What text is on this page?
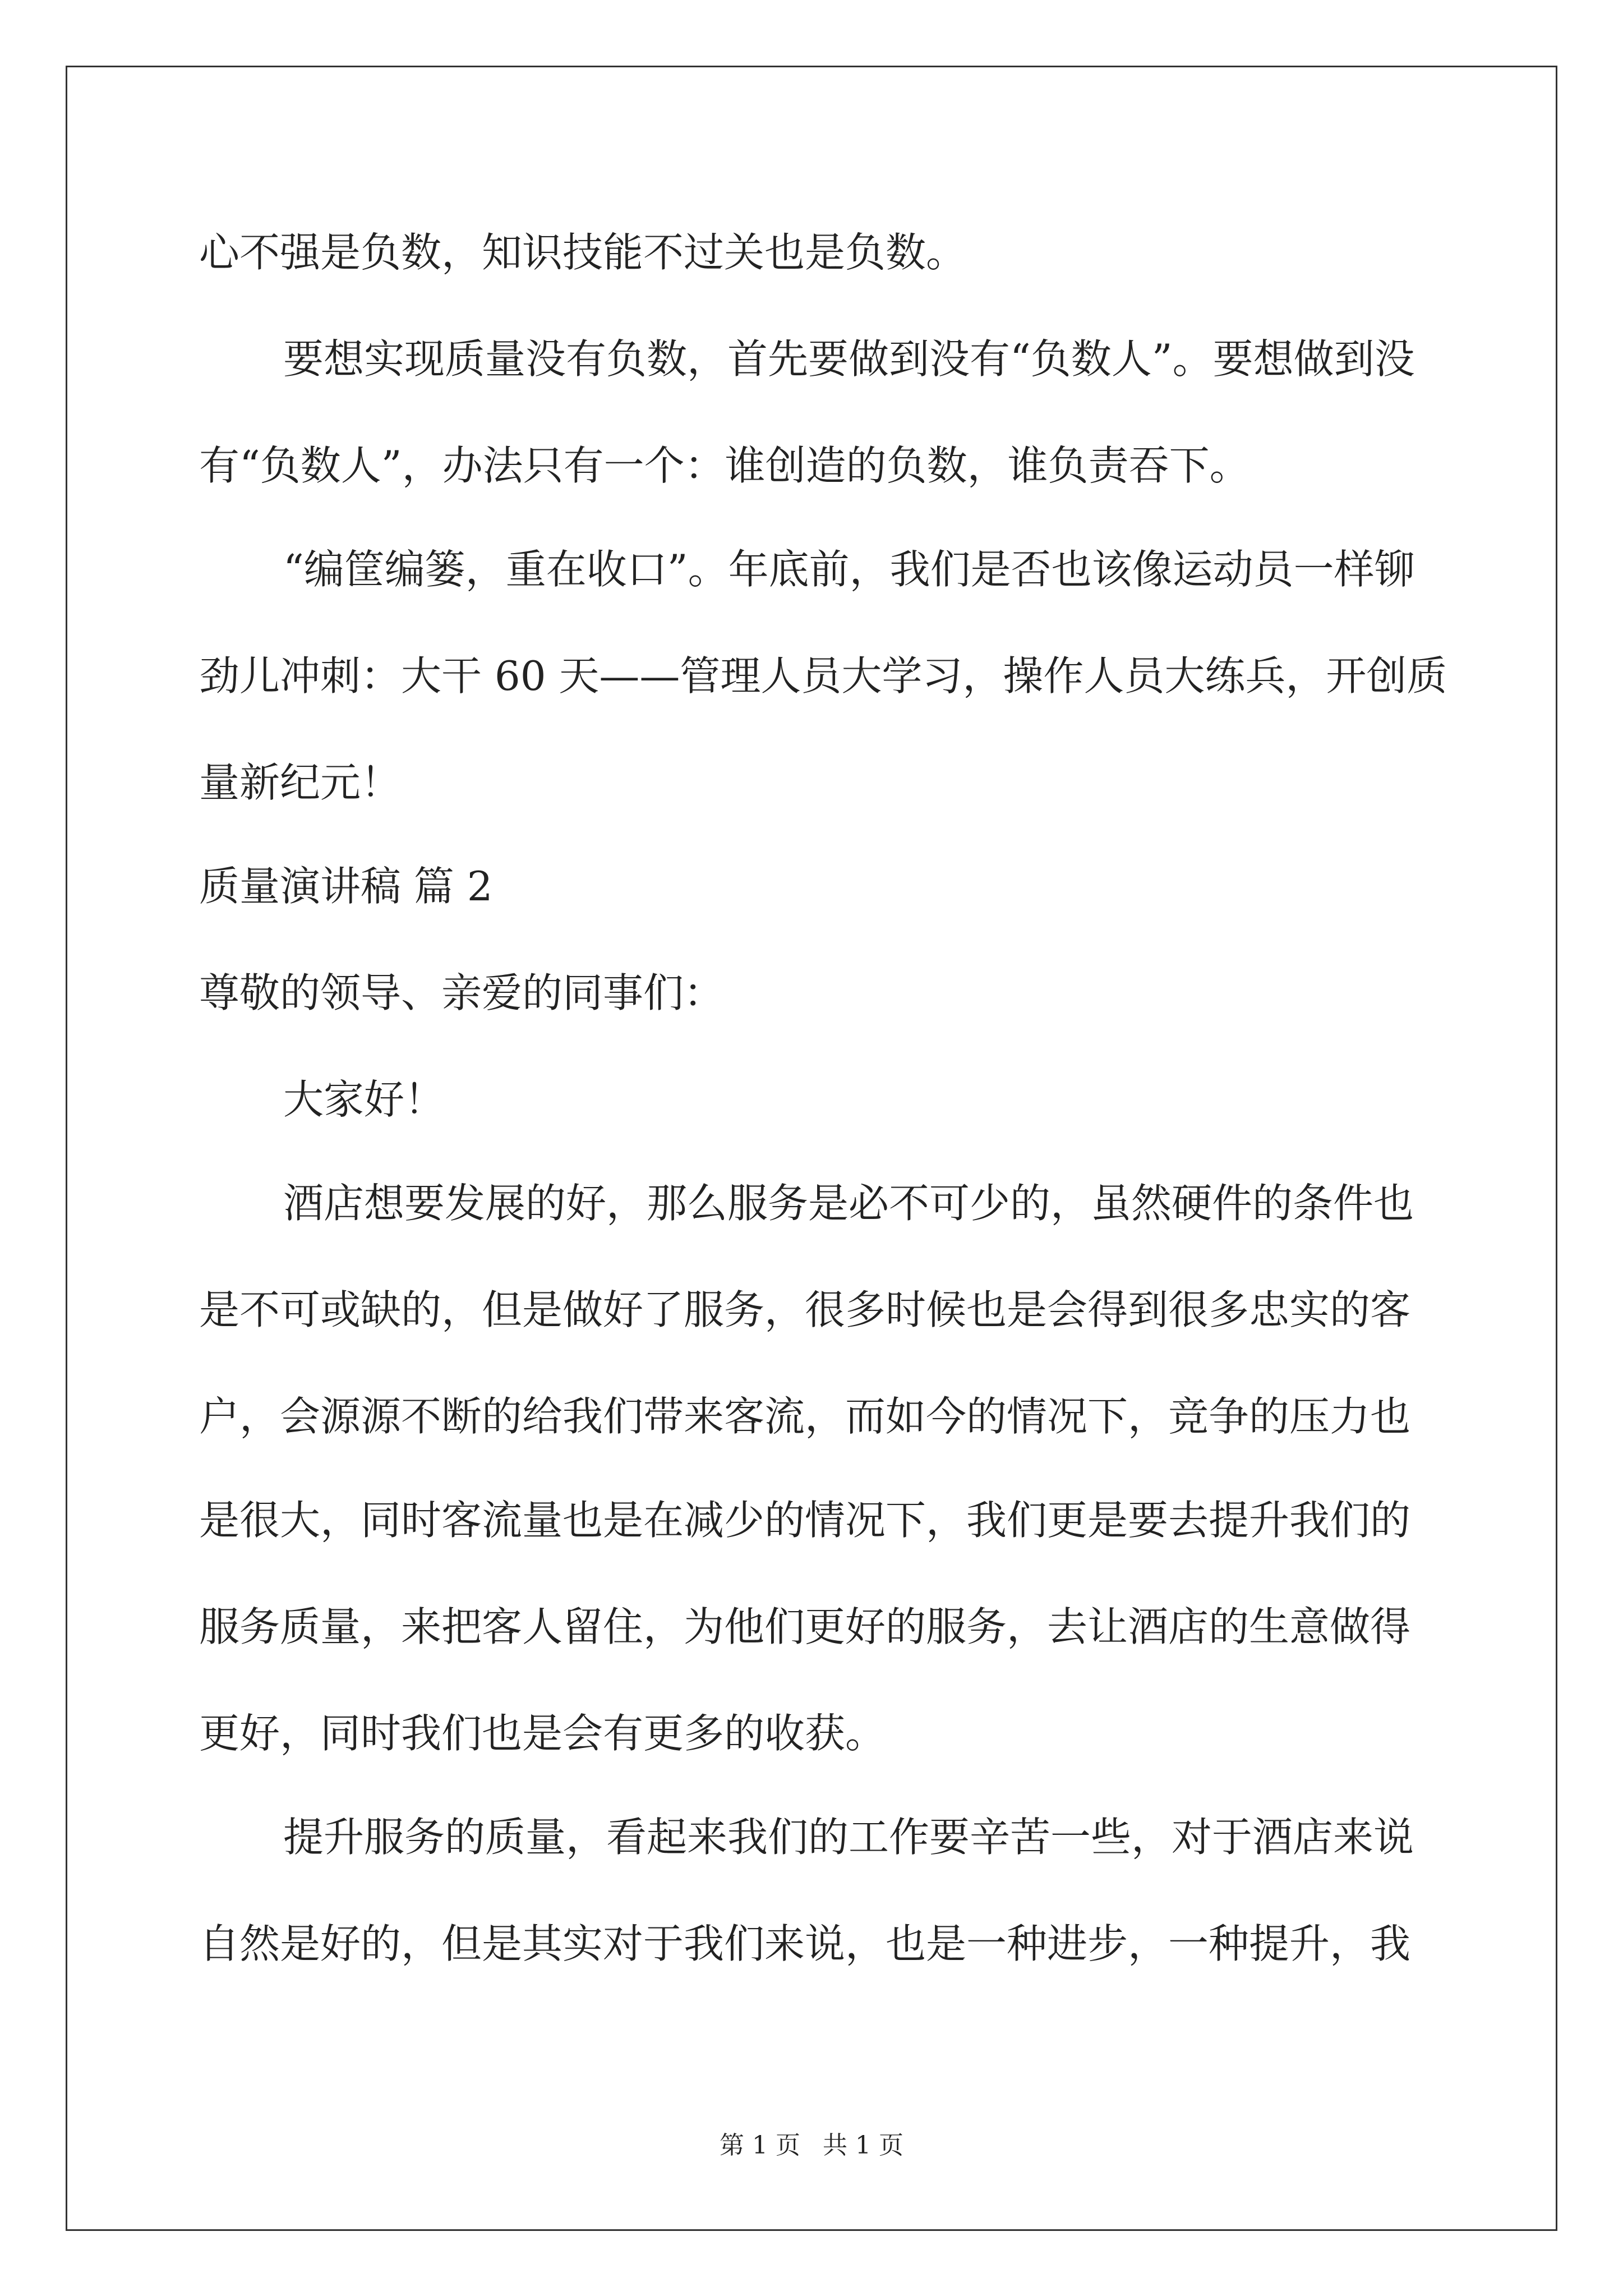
心不强是负数，知识技能不过关也是负数。
要想实现质量没有负数，首先要做到没有“负数人”。要想做到没
有“负数人”，办法只有一个：谁创造的负数，谁负责吞下。
“编筐编篓，重在收口”。年底前，我们是否也该像运动员一样铆
劲儿冲刺：大干 60 天——管理人员大学习，操作人员大练兵，开创质
量新纪元！
质量演讲稿 篇 2
尊敬的领导、亲爱的同事们：
大家好！
酒店想要发展的好，那么服务是必不可少的，虽然硬件的条件也
是不可或缺的，但是做好了服务，很多时候也是会得到很多忠实的客
户，会源源不断的给我们带来客流，而如今的情况下，竞争的压力也
是很大，同时客流量也是在减少的情况下，我们更是要去提升我们的
服务质量，来把客人留住，为他们更好的服务，去让酒店的生意做得
更好，同时我们也是会有更多的收获。
提升服务的质量，看起来我们的工作要辛苦一些，对于酒店来说
自然是好的，但是其实对于我们来说，也是一种进步，一种提升，我
第 1 页 共 1 页
